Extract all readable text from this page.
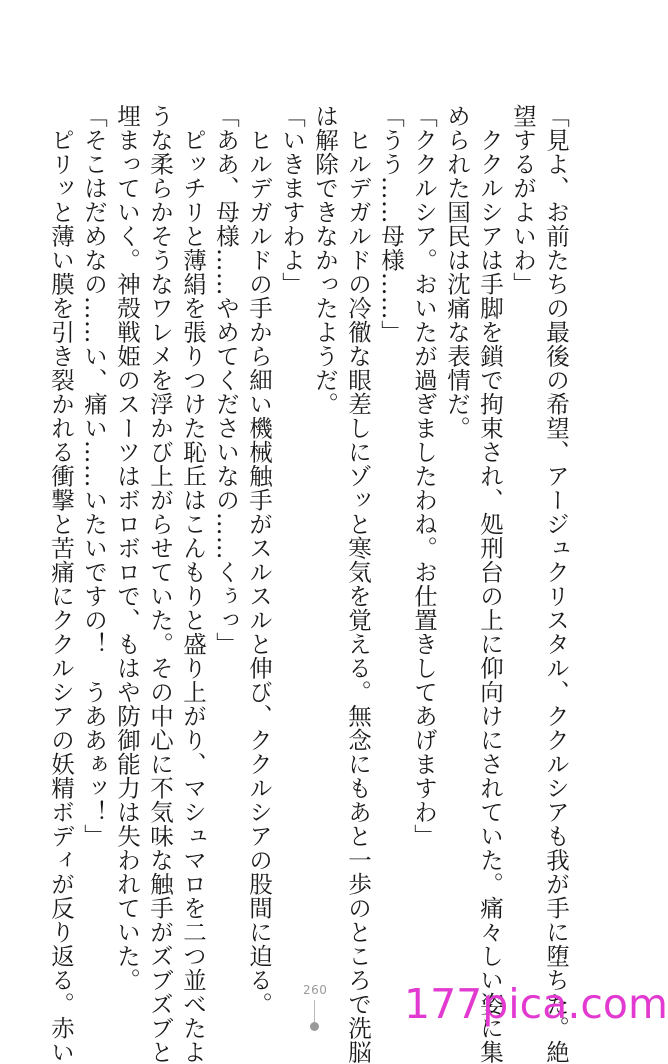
「見よ、お前たちの最後の希望、アージュクリスタル、ククルシアも我が手に堕ちた。絶
望するがよいわ」
　ククルシアは手脚を鎖で拘束され、処刑台の上に仰向けにされていた。痛々しい姿に集
められた国民は沈痛な表情だ。
「ククルシア。おいたが過ぎましたわね。お仕置きしてあげますわ」
「うう……母様……」
　ヒルデガルドの冷徹な眼差しにゾッと寒気を覚える。無念にもあと一歩のところで洗脳
は解除できなかったようだ。
「いきますわよ」
　ヒルデガルドの手から細い機械触手がスルスルと伸び、ククルシアの股間に迫る。
「ああ、母様……やめてくださいなの……くぅっ」
　ピッチリと薄絹を張りつけた恥丘はこんもりと盛り上がり、マシュマロを二つ並べたよ
うな柔らかそうなワレメを浮かび上がらせていた。その中心に不気味な触手がズブズブと
埋まっていく。神殻戦姫のスーツはボロボロで、もはや防御能力は失われていた。
「そこはだめなの……い、痛い……いたいですの！　うああぁッ！」
　ピリッと薄い膜を引き裂かれる衝撃と苦痛にククルシアの妖精ボディが反り返る。赤い	260 177pica.com
